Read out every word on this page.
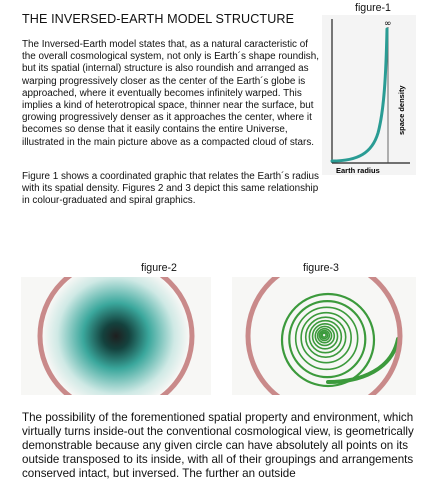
THE INVERSED-EARTH MODEL STRUCTURE

The Inversed-Earth model states that, as a natural caracteristic of the overall cosmological system, not only is Earth´s shape roundish, but its spatial (internal) structure is also roundish and arranged as warping progressively closer as the center of the Earth´s globe is approached, where it eventually becomes infinitely warped. This implies a kind of heterotropical space, thinner near the surface, but growing progressively denser as it approaches the center, where it becomes so dense that it easily contains the entire Universe, illustrated in the main picture above as a compacted cloud of stars.

Figure 1 shows a coordinated graphic that relates the Earth´s radius with its spatial density. Figures 2 and 3 depict this same relationship in colour-graduated and spiral graphics.

figure-1
∞
Earth radius
space density
figure-2	figure-3

The possibility of the forementioned spatial property and environment, which virtually turns inside-out the conventional cosmological view, is geometrically demonstrable because any given circle can have absolutely all points on its outside transposed to its inside, with all of their groupings and arrangements conserved intact, but inversed. The further an outside
